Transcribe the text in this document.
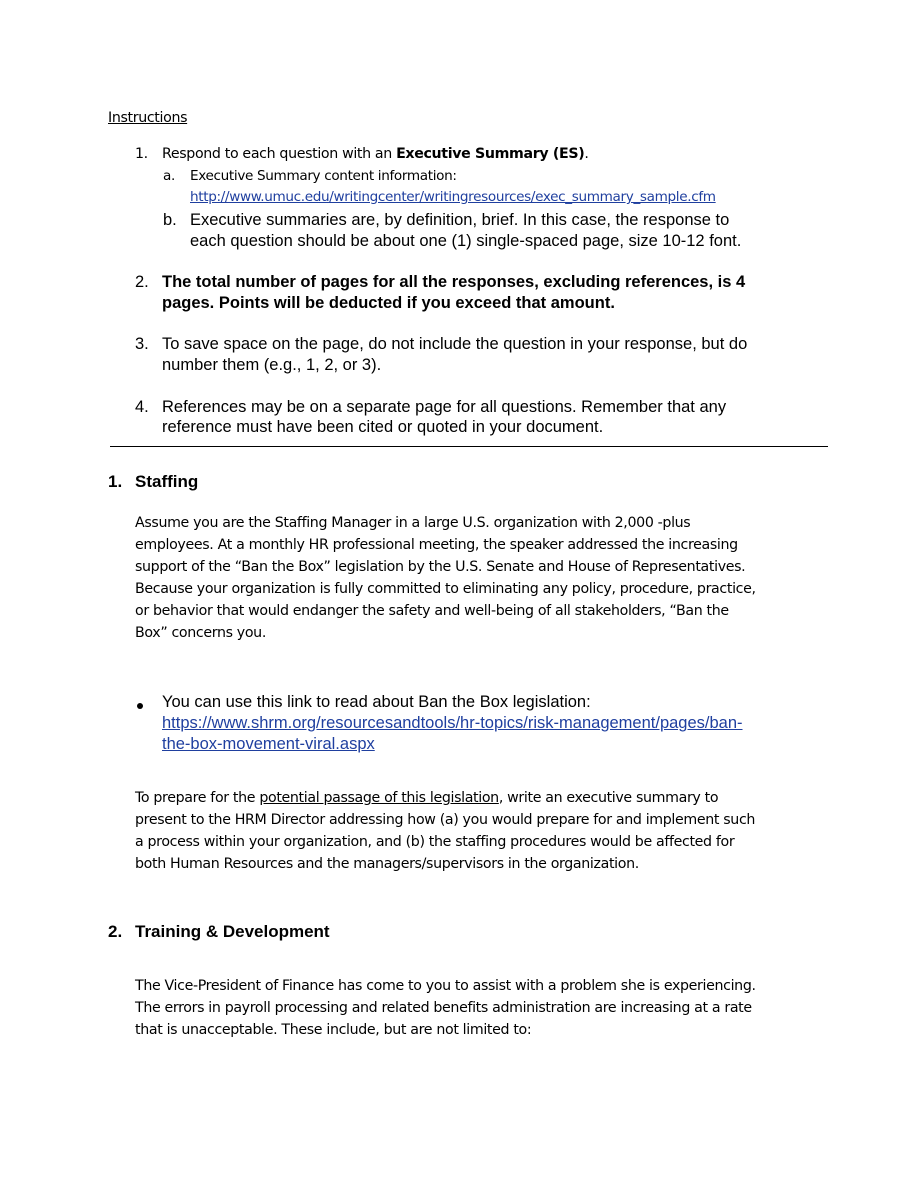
Instructions
1. Respond to each question with an Executive Summary (ES).
a. Executive Summary content information:
http://www.umuc.edu/writingcenter/writingresources/exec_summary_sample.cfm
b. Executive summaries are, by definition, brief. In this case, the response to
each question should be about one (1) single-spaced page, size 10-12 font.
2. The total number of pages for all the responses, excluding references, is 4
pages. Points will be deducted if you exceed that amount.
3. To save space on the page, do not include the question in your response, but do
number them (e.g., 1, 2, or 3).
4. References may be on a separate page for all questions. Remember that any
reference must have been cited or quoted in your document.
1. Staffing
Assume you are the Staffing Manager in a large U.S. organization with 2,000 -plus
employees. At a monthly HR professional meeting, the speaker addressed the increasing
support of the “Ban the Box” legislation by the U.S. Senate and House of Representatives.
Because your organization is fully committed to eliminating any policy, procedure, practice,
or behavior that would endanger the safety and well-being of all stakeholders, “Ban the
Box” concerns you.
You can use this link to read about Ban the Box legislation:
https://www.shrm.org/resourcesandtools/hr-topics/risk-management/pages/ban-
the-box-movement-viral.aspx
To prepare for the potential passage of this legislation, write an executive summary to
present to the HRM Director addressing how (a) you would prepare for and implement such
a process within your organization, and (b) the staffing procedures would be affected for
both Human Resources and the managers/supervisors in the organization.
2. Training & Development
The Vice-President of Finance has come to you to assist with a problem she is experiencing.
The errors in payroll processing and related benefits administration are increasing at a rate
that is unacceptable. These include, but are not limited to:
